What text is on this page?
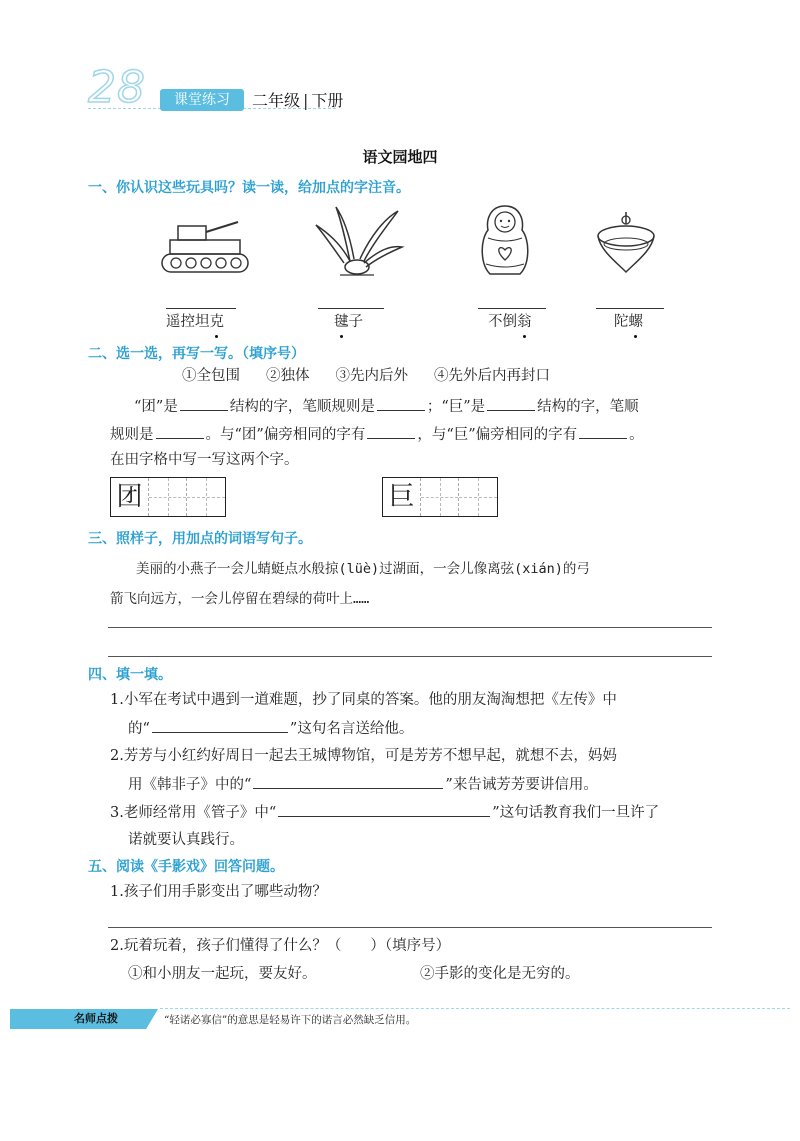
28	课堂练习	二年级 | 下册
语文园地四
一、你认识这些玩具吗？读一读，给加点的字注音。
遥控坦克	毽子	不倒翁	陀螺
二、选一选，再写一写。（填序号）
①全包围 ②独体 ③先内后外 ④先外后内再封口
“团”是	结构的字，笔顺规则是	；“巨”是	结构的字，笔顺
规则是	。与“团”偏旁相同的字有	，与“巨”偏旁相同的字有	。
在田字格中写一写这两个字。
团	巨
三、照样子，用加点的词语写句子。
美丽的小燕子一会儿蜻蜓点水般掠(lüè)过湖面，一会儿像离弦(xián)的弓
箭飞向远方，一会儿停留在碧绿的荷叶上……
四、填一填。
1.小军在考试中遇到一道难题，抄了同桌的答案。他的朋友淘淘想把《左传》中
的“	”这句名言送给他。
2.芳芳与小红约好周日一起去王城博物馆，可是芳芳不想早起，就想不去，妈妈
用《韩非子》中的“	”来告诫芳芳要讲信用。
3.老师经常用《管子》中“	”这句话教育我们一旦许了
诺就要认真践行。
五、阅读《手影戏》回答问题。
1.孩子们用手影变出了哪些动物？
2.玩着玩着，孩子们懂得了什么？（　　）（填序号）
①和小朋友一起玩，要友好。	②手影的变化是无穷的。
名师点拨	“轻诺必寡信”的意思是轻易许下的诺言必然缺乏信用。
